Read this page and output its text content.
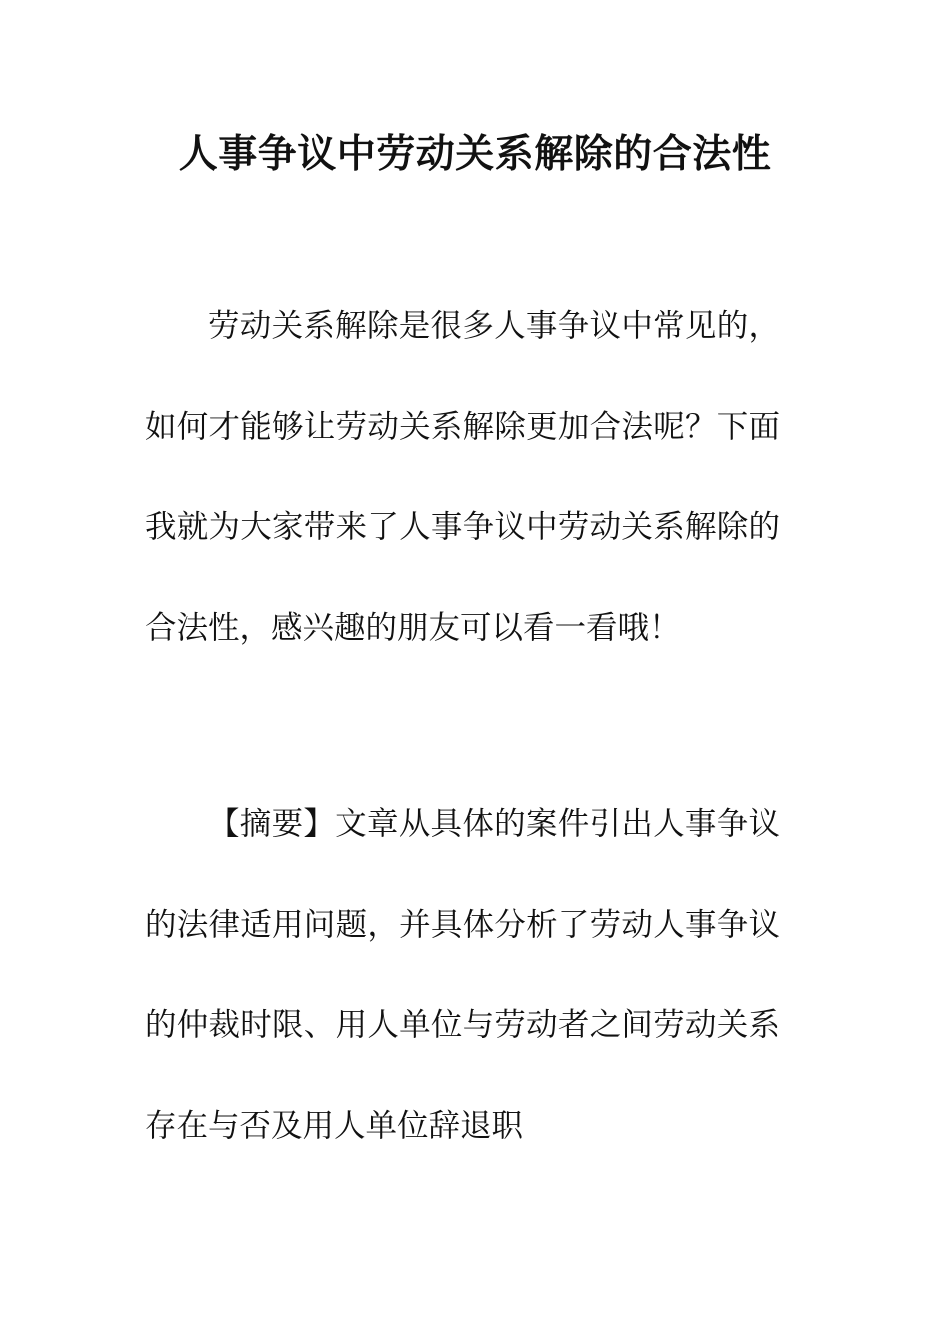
人事争议中劳动关系解除的合法性

劳动关系解除是很多人事争议中常见的，如何才能够让劳动关系解除更加合法呢？下面我就为大家带来了人事争议中劳动关系解除的合法性，感兴趣的朋友可以看一看哦！

【摘要】文章从具体的案件引出人事争议的法律适用问题，并具体分析了劳动人事争议的仲裁时限、用人单位与劳动者之间劳动关系存在与否及用人单位辞退职
